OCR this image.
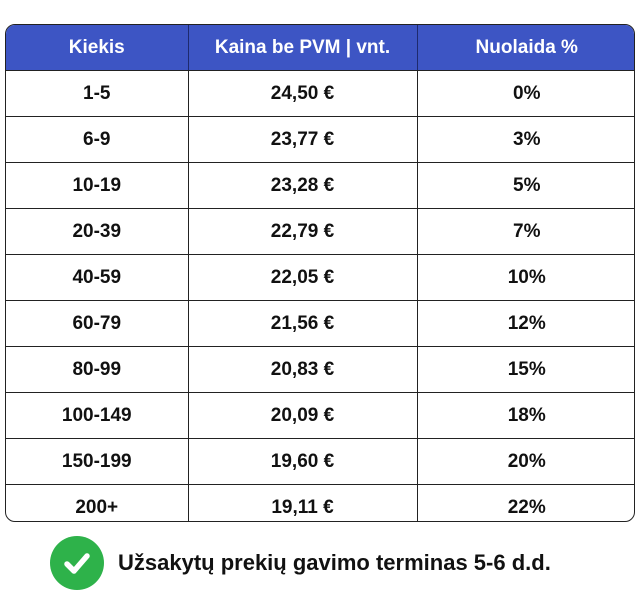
Kiekis	Kaina be PVM | vnt.	Nuolaida %
1-5	24,50 €	0%
6-9	23,77 €	3%
10-19	23,28 €	5%
20-39	22,79 €	7%
40-59	22,05 €	10%
60-79	21,56 €	12%
80-99	20,83 €	15%
100-149	20,09 €	18%
150-199	19,60 €	20%
200+	19,11 €	22%
Užsakytų prekių gavimo terminas 5-6 d.d.
